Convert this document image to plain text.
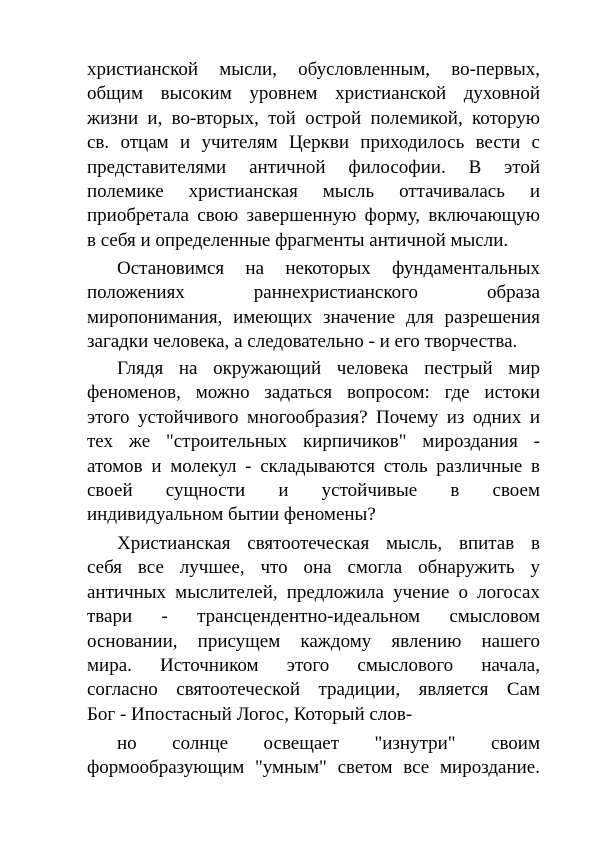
христианской мысли, обусловленным, во-первых,
общим высоким уровнем христианской духовной
жизни и, во-вторых, той острой полемикой, которую
св. отцам и учителям Церкви приходилось вести с
представителями античной философии. В этой
полемике христианская мысль оттачивалась и
приобретала свою завершенную форму, включающую
в себя и определенные фрагменты античной мысли.
Остановимся на некоторых фундаментальных
положениях раннехристианского образа
миропонимания, имеющих значение для разрешения
загадки человека, а следовательно - и его творчества.
Глядя на окружающий человека пестрый мир
феноменов, можно задаться вопросом: где истоки
этого устойчивого многообразия? Почему из одних и
тех же "строительных кирпичиков" мироздания -
атомов и молекул - складываются столь различные в
своей сущности и устойчивые в своем
индивидуальном бытии феномены?
Христианская святоотеческая мысль, впитав в
себя все лучшее, что она смогла обнаружить у
античных мыслителей, предложила учение о логосах
твари - трансцендентно-идеальном смысловом
основании, присущем каждому явлению нашего
мира. Источником этого смыслового начала,
согласно святоотеческой традиции, является Сам
Бог - Ипостасный Логос, Который слов-
но солнце освещает "изнутри" своим
формообразующим "умным" светом все мироздание.
